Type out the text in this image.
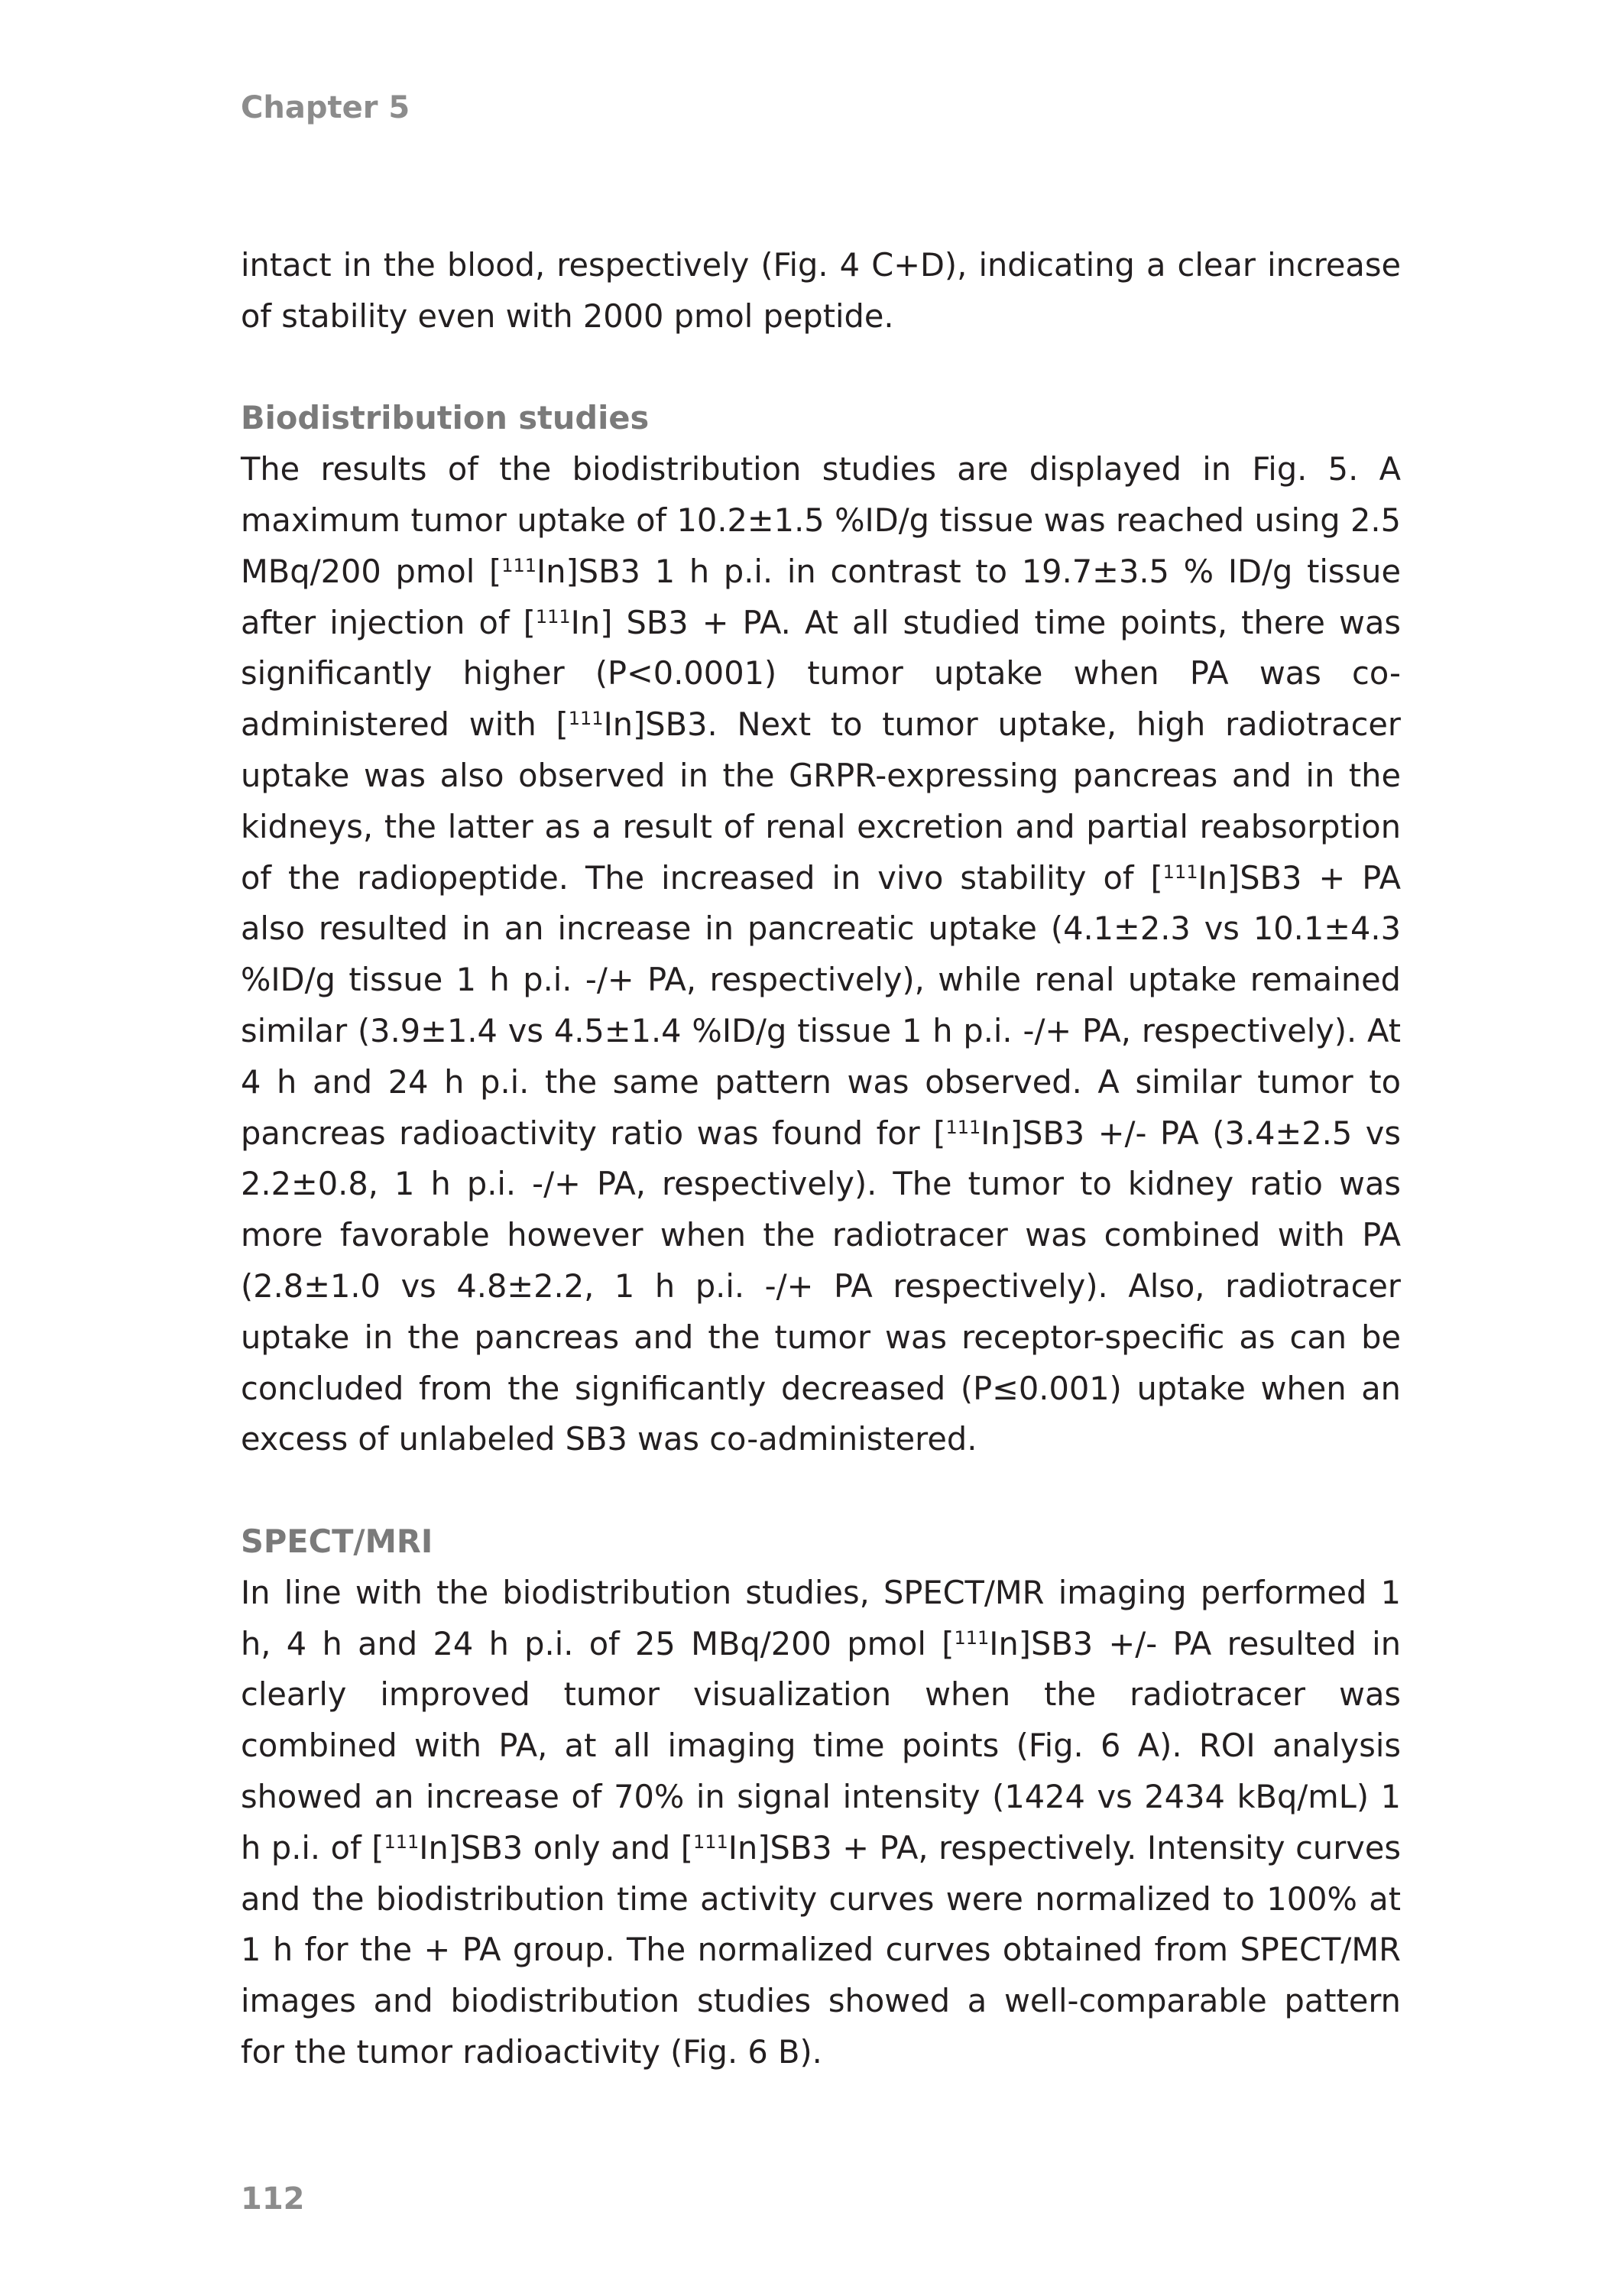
Chapter 5

intact in the blood, respectively (Fig. 4 C+D), indicating a clear increase of stability even with 2000 pmol peptide.

Biodistribution studies

The results of the biodistribution studies are displayed in Fig. 5. A maximum tumor uptake of 10.2±1.5 %ID/g tissue was reached using 2.5 MBq/200 pmol [$^{111}$In]SB3 1 h p.i. in contrast to 19.7±3.5 % ID/g tissue after injection of [$^{111}$In] SB3 + PA. At all studied time points, there was significantly higher (P<0.0001) tumor uptake when PA was co-administered with [$^{111}$In]SB3. Next to tumor uptake, high radiotracer uptake was also observed in the GRPR-expressing pancreas and in the kidneys, the latter as a result of renal excretion and partial reabsorption of the radiopeptide. The increased in vivo stability of [$^{111}$In]SB3 + PA also resulted in an increase in pancreatic uptake (4.1±2.3 vs 10.1±4.3 %ID/g tissue 1 h p.i. -/+ PA, respectively), while renal uptake remained similar (3.9±1.4 vs 4.5±1.4 %ID/g tissue 1 h p.i. -/+ PA, respectively). At 4 h and 24 h p.i. the same pattern was observed. A similar tumor to pancreas radioactivity ratio was found for [$^{111}$In]SB3 +/- PA (3.4±2.5 vs 2.2±0.8, 1 h p.i. -/+ PA, respectively). The tumor to kidney ratio was more favorable however when the radiotracer was combined with PA (2.8±1.0 vs 4.8±2.2, 1 h p.i. -/+ PA respectively). Also, radiotracer uptake in the pancreas and the tumor was receptor-specific as can be concluded from the significantly decreased (P≤0.001) uptake when an excess of unlabeled SB3 was co-administered.

SPECT/MRI

In line with the biodistribution studies, SPECT/MR imaging performed 1 h, 4 h and 24 h p.i. of 25 MBq/200 pmol [$^{111}$In]SB3 +/- PA resulted in clearly improved tumor visualization when the radiotracer was combined with PA, at all imaging time points (Fig. 6 A). ROI analysis showed an increase of 70% in signal intensity (1424 vs 2434 kBq/mL) 1 h p.i. of [$^{111}$In]SB3 only and [$^{111}$In]SB3 + PA, respectively. Intensity curves and the biodistribution time activity curves were normalized to 100% at 1 h for the + PA group. The normalized curves obtained from SPECT/MR images and biodistribution studies showed a well-comparable pattern for the tumor radioactivity (Fig. 6 B).

112
